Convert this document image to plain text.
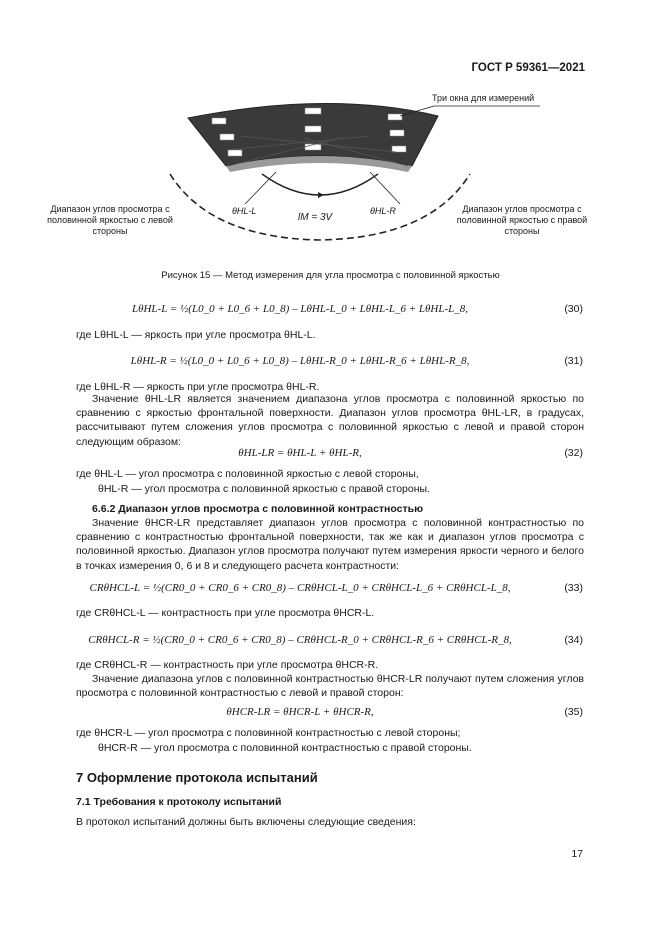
ГОСТ Р 59361—2021
Три окна для измерений
Диапазон углов просмотра с половинной яркостью с левой стороны
Диапазон углов просмотра с половинной яркостью с правой стороны
θHL-L	θHL-R
lM = 3V
Рисунок 15 — Метод измерения для угла просмотра с половинной яркостью
LθHL-L = ½(L0_0 + L0_6 + L0_8) – LθHL-L_0 + LθHL-L_6 + LθHL-L_8,	(30)
где LθHL-L — яркость при угле просмотра θHL-L.
LθHL-R = ½(L0_0 + L0_6 + L0_8) – LθHL-R_0 + LθHL-R_6 + LθHL-R_8,	(31)
где LθHL-R — яркость при угле просмотра θHL-R.
Значение θHL-LR является значением диапазона углов просмотра с половинной яркостью по сравнению с яркостью фронтальной поверхности. Диапазон углов просмотра θHL-LR, в градусах, рассчитывают путем сложения углов просмотра с половинной яркостью с левой и правой сторон следующим образом:
θHL-LR = θHL-L + θHL-R,	(32)
где θHL-L — угол просмотра с половинной яркостью с левой стороны,
θHL-R — угол просмотра с половинной яркостью с правой стороны.
6.6.2 Диапазон углов просмотра с половинной контрастностью
Значение θHCR-LR представляет диапазон углов просмотра с половинной контрастностью по сравнению с контрастностью фронтальной поверхности, так же как и диапазон углов просмотра с половинной яркостью. Диапазон углов просмотра получают путем измерения яркости черного и белого в точках измерения 0, 6 и 8 и следующего расчета контрастности:
CRθHCL-L = ½(CR0_0 + CR0_6 + CR0_8) – CRθHCL-L_0 + CRθHCL-L_6 + CRθHCL-L_8,	(33)
где CRθHCL-L — контрастность при угле просмотра θHCR-L.
CRθHCL-R = ½(CR0_0 + CR0_6 + CR0_8) – CRθHCL-R_0 + CRθHCL-R_6 + CRθHCL-R_8,	(34)
где CRθHCL-R — контрастность при угле просмотра θHCR-R.
Значение диапазона углов с половинной контрастностью θHCR-LR получают путем сложения углов просмотра с половинной контрастностью с левой и правой сторон:
θHCR-LR = θHCR-L + θHCR-R,	(35)
где θHCR-L — угол просмотра с половинной контрастностью с левой стороны;
θHCR-R — угол просмотра с половинной контрастностью с правой стороны.
7 Оформление протокола испытаний
7.1 Требования к протоколу испытаний
В протокол испытаний должны быть включены следующие сведения:
17
